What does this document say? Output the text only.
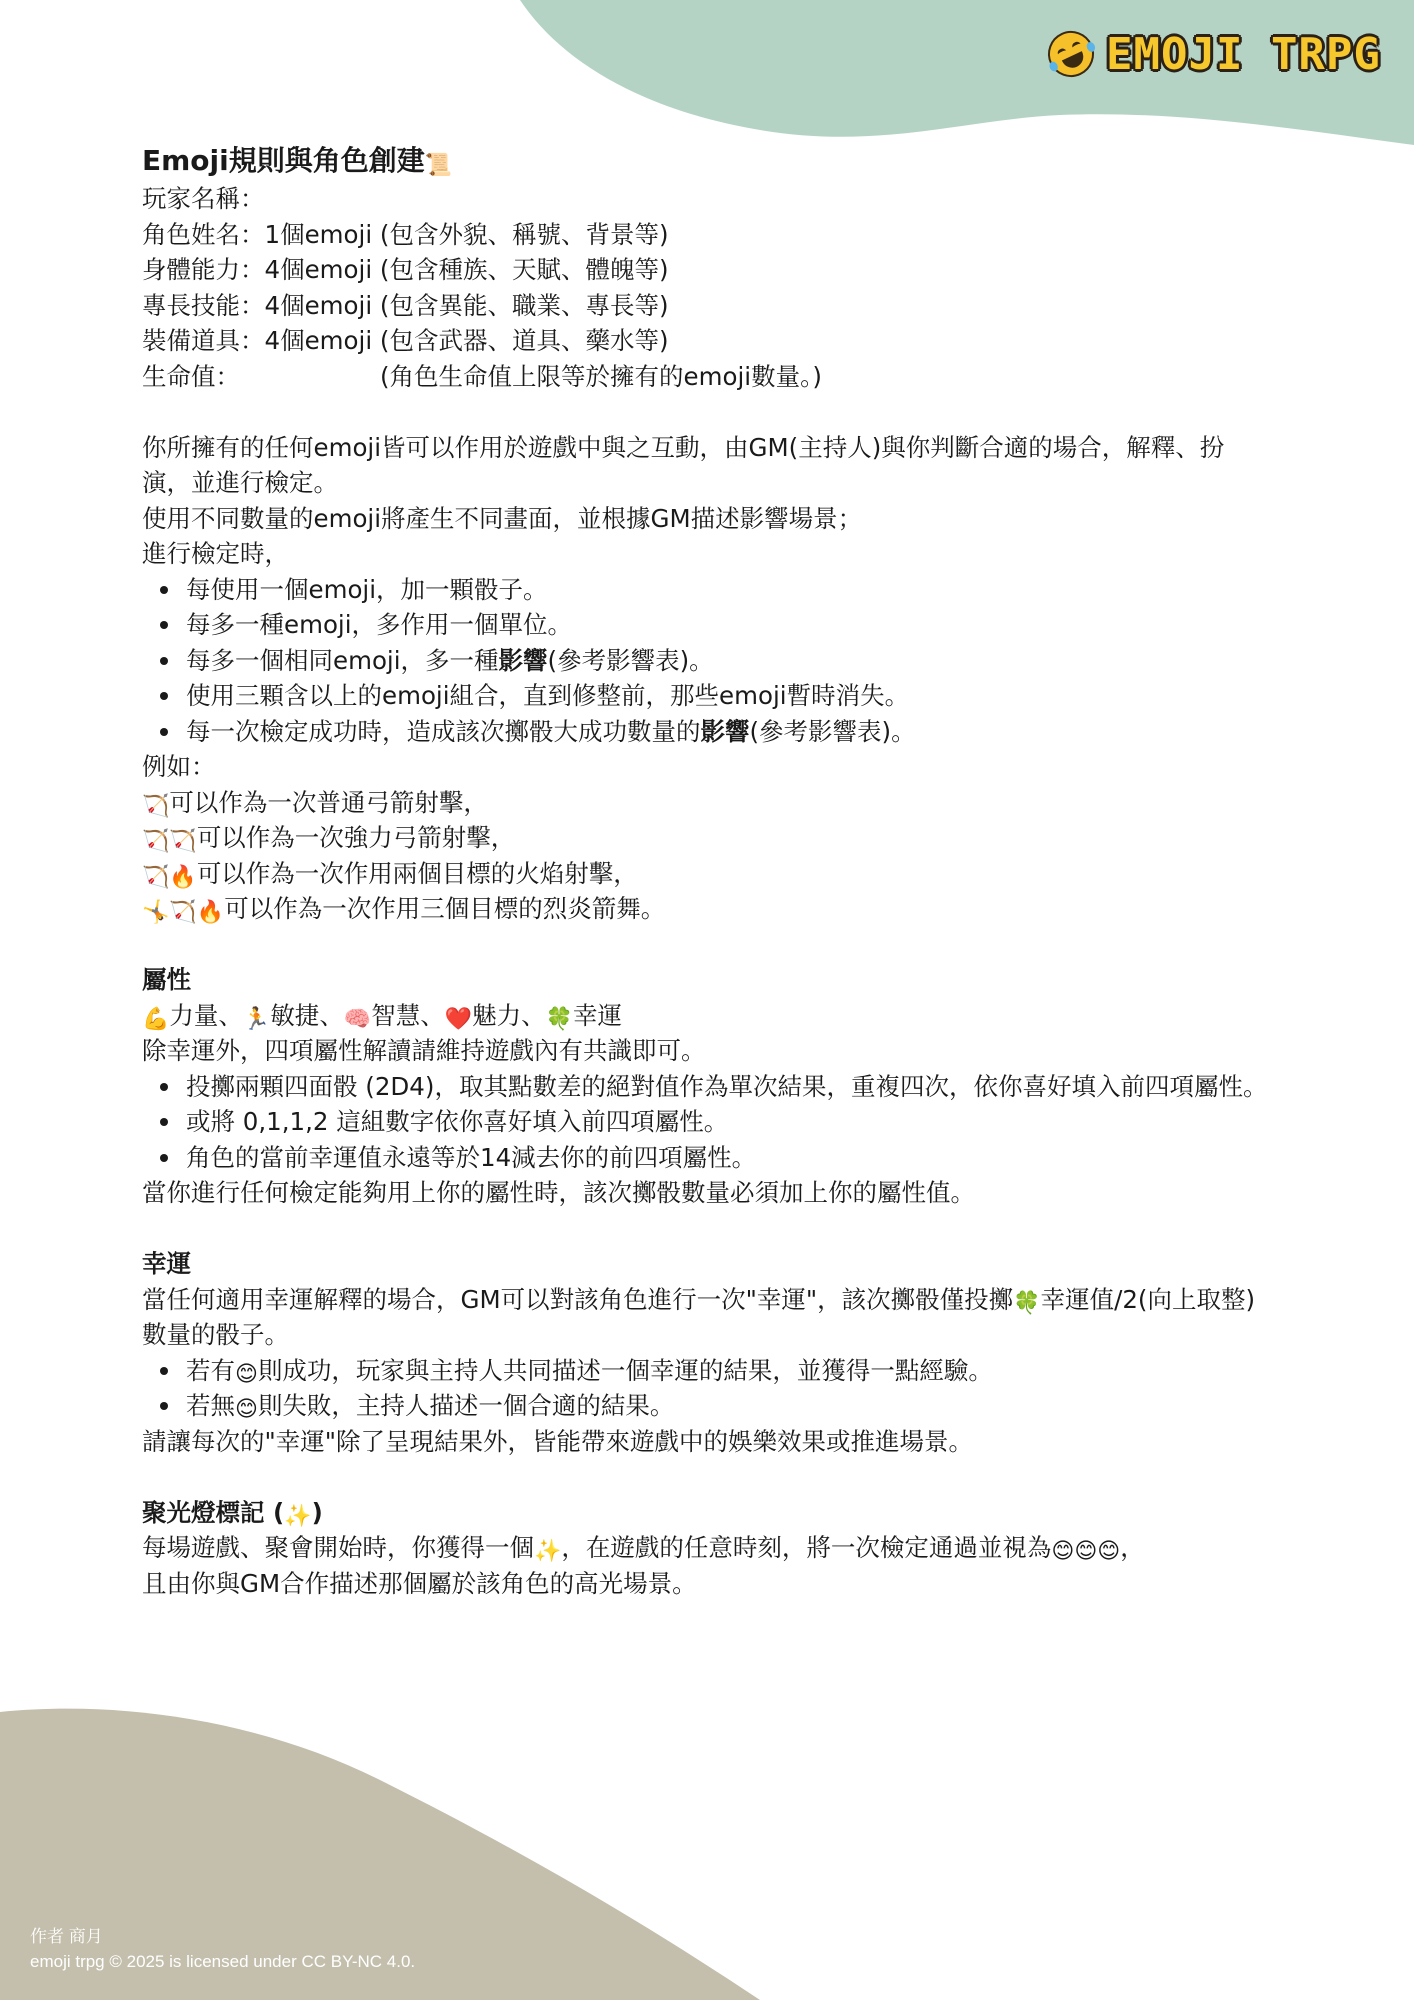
EMOJI TRPG

Emoji規則與角色創建📜

玩家名稱：

角色姓名：1個emoji (包含外貌、稱號、背景等)

身體能力：4個emoji (包含種族、天賦、體魄等)

專長技能：4個emoji (包含異能、職業、專長等)

裝備道具：4個emoji (包含武器、道具、藥水等)

生命值：	(角色生命值上限等於擁有的emoji數量。)

你所擁有的任何emoji皆可以作用於遊戲中與之互動，由GM(主持人)與你判斷合適的場合，解釋、扮演，並進行檢定。

使用不同數量的emoji將產生不同畫面，並根據GM描述影響場景；

進行檢定時，

每使用一個emoji，加一顆骰子。
每多一種emoji，多作用一個單位。
每多一個相同emoji，多一種影響(參考影響表)。
使用三顆含以上的emoji組合，直到修整前，那些emoji暫時消失。
每一次檢定成功時，造成該次擲骰大成功數量的影響(參考影響表)。

例如：

🏹可以作為一次普通弓箭射擊，

🏹🏹可以作為一次強力弓箭射擊，

🏹🔥可以作為一次作用兩個目標的火焰射擊，

🤸🏹🔥可以作為一次作用三個目標的烈炎箭舞。

屬性

💪力量、🏃敏捷、🧠智慧、❤️魅力、🍀幸運

除幸運外，四項屬性解讀請維持遊戲內有共識即可。

投擲兩顆四面骰 (2D4)，取其點數差的絕對值作為單次結果，重複四次，依你喜好填入前四項屬性。
或將 0,1,1,2 這組數字依你喜好填入前四項屬性。
角色的當前幸運值永遠等於14減去你的前四項屬性。

當你進行任何檢定能夠用上你的屬性時，該次擲骰數量必須加上你的屬性值。

幸運

當任何適用幸運解釋的場合，GM可以對該角色進行一次"幸運"，該次擲骰僅投擲🍀幸運值/2(向上取整)數量的骰子。

若有😊則成功，玩家與主持人共同描述一個幸運的結果，並獲得一點經驗。
若無😊則失敗，主持人描述一個合適的結果。

請讓每次的"幸運"除了呈現結果外，皆能帶來遊戲中的娛樂效果或推進場景。

聚光燈標記 (✨)

每場遊戲、聚會開始時，你獲得一個✨，在遊戲的任意時刻，將一次檢定通過並視為😊😊😊，

且由你與GM合作描述那個屬於該角色的高光場景。

作者 商月
emoji trpg © 2025 is licensed under CC BY-NC 4.0.
